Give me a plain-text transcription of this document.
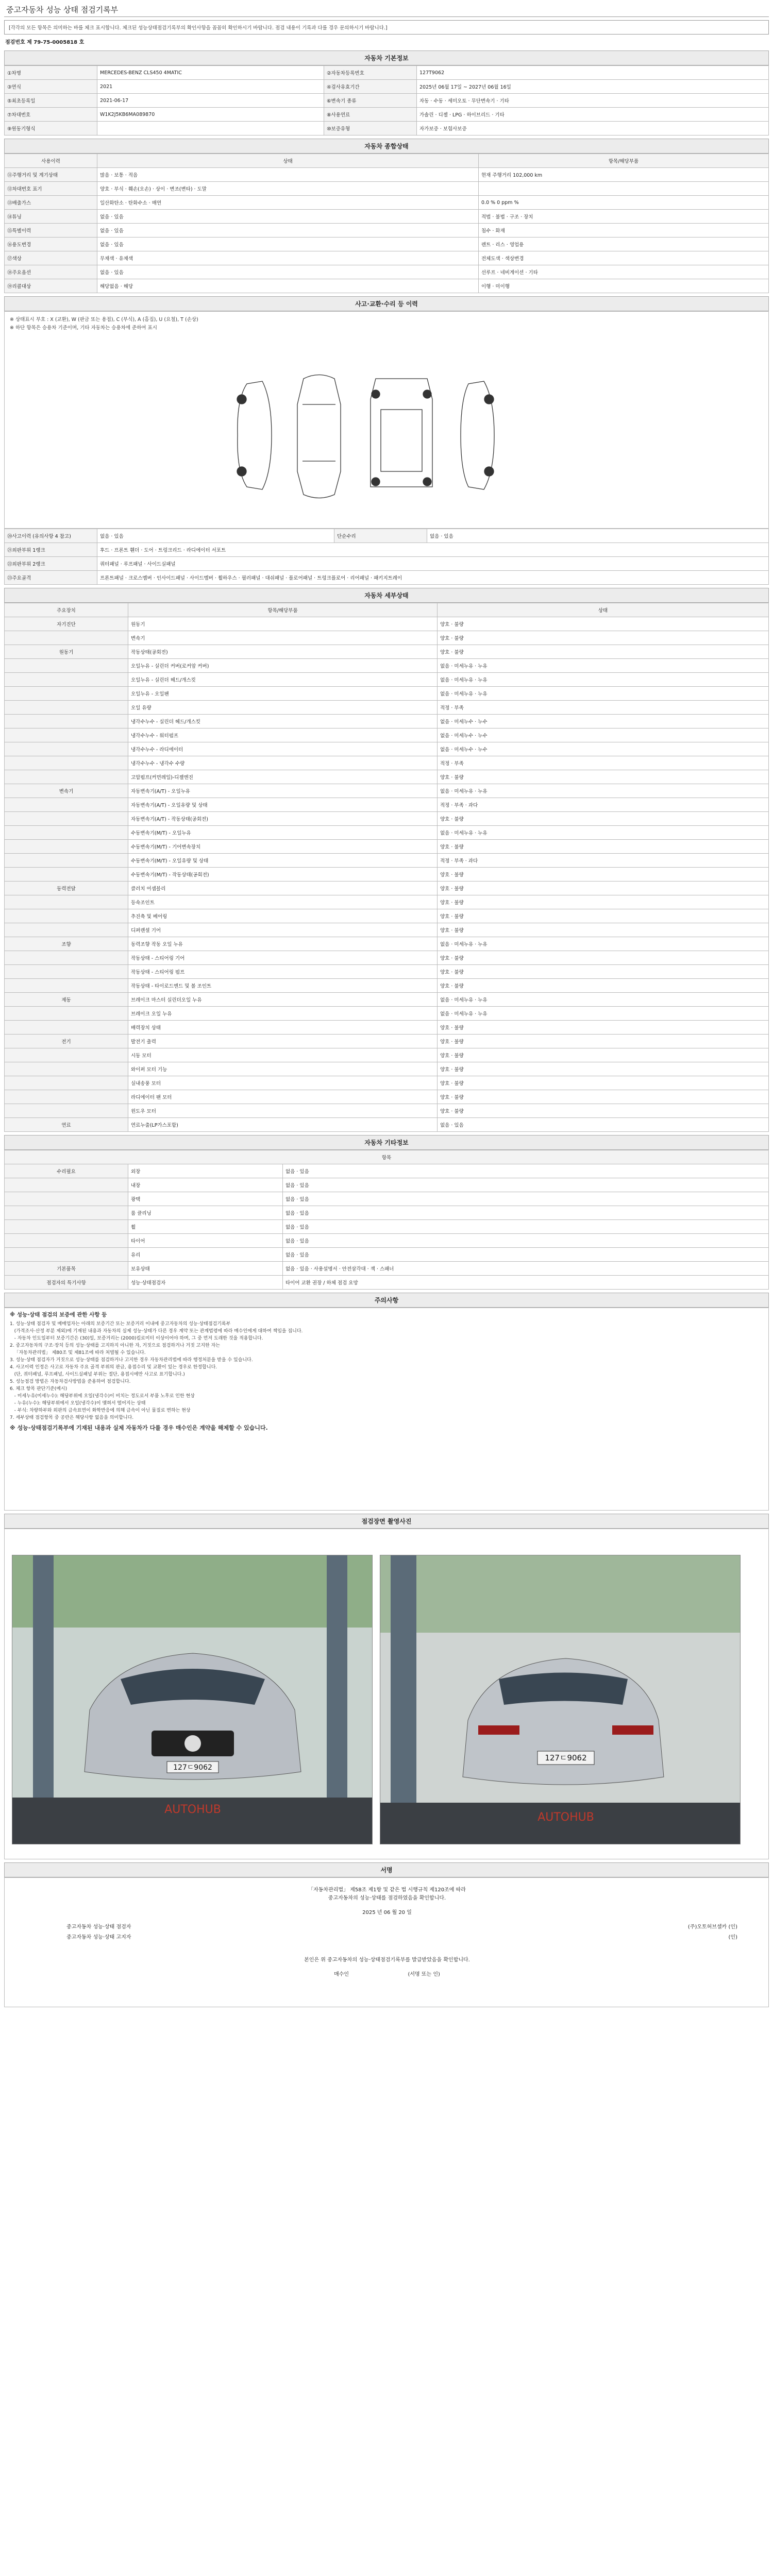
중고자동차 성능 상태 점검기록부
[각각의 모든 항목은 의미하는 바를 체크 표시합니다. 체크된 성능상태점검기록부의 확인사항을 꼼꼼히 확인하시기 바랍니다. 점검 내용이 기록과 다를 경우 문의하시기 바랍니다.]
점검번호 제 79-75-0005818 호
자동차 기본정보
①차명	MERCEDES-BENZ CLS450 4MATIC	②자동차등록번호	127T9062
③연식	2021	④검사유효기간	2025년 06월 17일 ~ 2027년 06월 16일
⑤최초등록일	2021-06-17	⑥변속기 종류	자동 · 수동 · 세미오토 · 무단변속기 · 기타
⑦차대번호	W1K2J5KB6MA089870	⑧사용연료	가솔린 · 디젤 · LPG · 하이브리드 · 기타
⑨원동기형식		⑩보증유형	자가보증 · 보험사보증
자동차 종합상태
사용이력	상태	항목/해당부품
⑪주행거리 및 계기상태	많음 · 보통 · 적음	현재 주행거리 102,000 km
⑫차대번호 표기	양호 · 부식 · 훼손(오손) · 상이 · 변조(변타) · 도말	
⑬배출가스	일산화탄소 · 탄화수소 · 매연	0.0 % 0 ppm %
⑭튜닝	없음 · 있음	적법 · 불법 · 구조 · 장치
⑮특별이력	없음 · 있음	침수 · 화재
⑯용도변경	없음 · 있음	렌트 · 리스 · 영업용
⑰색상	무채색 · 유채색	전체도색 · 색상변경
⑱주요옵션	없음 · 있음	선루프 · 네비게이션 · 기타
⑲리콜대상	해당없음 · 해당	이행 · 미이행
사고·교환·수리 등 이력
※ 상태표시 부호 : X (교환), W (판금 또는 용접), C (부식), A (흠집), U (요철), T (손상)
※ 하단 항목은 승용차 기준이며, 기타 자동차는 승용차에 준하여 표시
⑳사고이력 (유의사항 4 참고)	없음 · 있음	단순수리	없음 · 있음
㉑외판부위 1랭크	후드 · 프론트 휀더 · 도어 · 트렁크리드 · 라디에이터 서포트		
㉒외판부위 2랭크	쿼터패널 · 루프패널 · 사이드실패널		
㉓주요골격	프론트패널 · 크로스멤버 · 인사이드패널 · 사이드멤버 · 휠하우스 · 필러패널 · 대쉬패널 · 플로어패널 · 트렁크플로어 · 리어패널 · 패키지트레이		
자동차 세부상태
주요장치	항목/해당부품	상태
자기진단	원동기	양호 · 불량
	변속기	양호 · 불량
원동기	작동상태(공회전)	양호 · 불량
	오일누유 - 실린더 커버(로커암 커버)	없음 · 미세누유 · 누유
	오일누유 - 실린더 헤드/개스킷	없음 · 미세누유 · 누유
	오일누유 - 오일팬	없음 · 미세누유 · 누유
	오일 유량	적정 · 부족
	냉각수누수 - 실린더 헤드/개스킷	없음 · 미세누수 · 누수
	냉각수누수 - 워터펌프	없음 · 미세누수 · 누수
	냉각수누수 - 라디에이터	없음 · 미세누수 · 누수
	냉각수누수 - 냉각수 수량	적정 · 부족
	고압펌프(커먼레일)-디젤엔진	양호 · 불량
변속기	자동변속기(A/T) - 오일누유	없음 · 미세누유 · 누유
	자동변속기(A/T) - 오일유량 및 상태	적정 · 부족 · 과다
	자동변속기(A/T) - 작동상태(공회전)	양호 · 불량
	수동변속기(M/T) - 오일누유	없음 · 미세누유 · 누유
	수동변속기(M/T) - 기어변속장치	양호 · 불량
	수동변속기(M/T) - 오일유량 및 상태	적정 · 부족 · 과다
	수동변속기(M/T) - 작동상태(공회전)	양호 · 불량
동력전달	클러치 어셈블리	양호 · 불량
	등속조인트	양호 · 불량
	추진축 및 베어링	양호 · 불량
	디퍼렌셜 기어	양호 · 불량
조향	동력조향 작동 오일 누유	없음 · 미세누유 · 누유
	작동상태 - 스티어링 기어	양호 · 불량
	작동상태 - 스티어링 펌프	양호 · 불량
	작동상태 - 타이로드엔드 및 볼 조인트	양호 · 불량
제동	브레이크 마스터 실린더오일 누유	없음 · 미세누유 · 누유
	브레이크 오일 누유	없음 · 미세누유 · 누유
	배력장치 상태	양호 · 불량
전기	발전기 출력	양호 · 불량
	시동 모터	양호 · 불량
	와이퍼 모터 기능	양호 · 불량
	실내송풍 모터	양호 · 불량
	라디에이터 팬 모터	양호 · 불량
	윈도우 모터	양호 · 불량
연료	연료누출(LP가스포함)	없음 · 있음
자동차 기타정보
항목		
수리필요	외장	없음 · 있음
	내장	없음 · 있음
	광택	없음 · 있음
	룸 클리닝	없음 · 있음
	휠	없음 · 있음
	타이어	없음 · 있음
	유리	없음 · 있음
기본품목	보유상태	없음 · 있음 · 사용설명서 · 안전삼각대 · 잭 · 스패너
점검자의 특기사항	성능·상태점검자	타이어 교환 권장 / 하체 점검 요망
주의사항
※ 성능·상태 점검의 보증에 관한 사항 등
1. 성능·상태 점검자 및 매매업자는 아래의 보증기간 또는 보증거리 이내에 중고자동차의 성능·상태점검기록부
(가격조사·산정 부분 제외)에 기재된 내용과 자동차의 실제 성능·상태가 다른 경우 계약 또는 관계법령에 따라 매수인에게 대하여 책임을 집니다.
- 자동차 인도일부터 보증기간은 (30)일, 보증거리는 (2000)킬로미터 이상이어야 하며, 그 중 먼저 도래한 것을 적용합니다.
2. 중고자동차의 구조·장치 등의 성능·상태를 고지하지 아니한 자, 거짓으로 점검하거나 거짓 고지한 자는
「자동차관리법」 제80조 및 제81조에 따라 처벌될 수 있습니다.
3. 성능·상태 점검자가 거짓으로 성능·상태를 점검하거나 고지한 경우 자동차관리법에 따라 행정처분을 받을 수 있습니다.
4. 사고이력 인정은 사고로 자동차 주요 골격 부위의 판금, 용접수리 및 교환이 있는 경우로 한정합니다.
(단, 쿼터패널, 루프패널, 사이드실패널 부위는 절단, 용접시에만 사고로 표기합니다.)
5. 성능점검 방법은 자동차검사방법을 준용하여 점검합니다.
6. 체크 항목 판단기준(예시)
- 미세누유(미세누수): 해당부위에 오일(냉각수)이 비치는 정도로서 부품 노후로 인한 현상
- 누유(누수): 해당부위에서 오일(냉각수)이 맺혀서 떨어지는 상태
- 부식: 차량하부와 외판의 금속표면이 화학반응에 의해 금속이 아닌 물질로 변하는 현상
7. 세부상태 점검항목 중 공란은 해당사항 없음을 의미합니다.
※ 성능·상태점검기록부에 기재된 내용과 실제 자동차가 다를 경우 매수인은 계약을 해제할 수 있습니다.
점검장면 촬영사진
127ㄷ9062
AUTOHUB
127ㄷ9062
AUTOHUB
서명
「자동차관리법」 제58조 제1항 및 같은 법 시행규칙 제120조에 따라
중고자동차의 성능·상태를 점검하였음을 확인합니다.
2025 년 06 월 20 일
중고자동차 성능·상태 점검자	(주)오토허브셀카 (인)
중고자동차 성능·상태 고지자	(인)
본인은 위 중고자동차의 성능·상태점검기록부를 발급받았음을 확인합니다.
매수인                                    (서명 또는 인)
